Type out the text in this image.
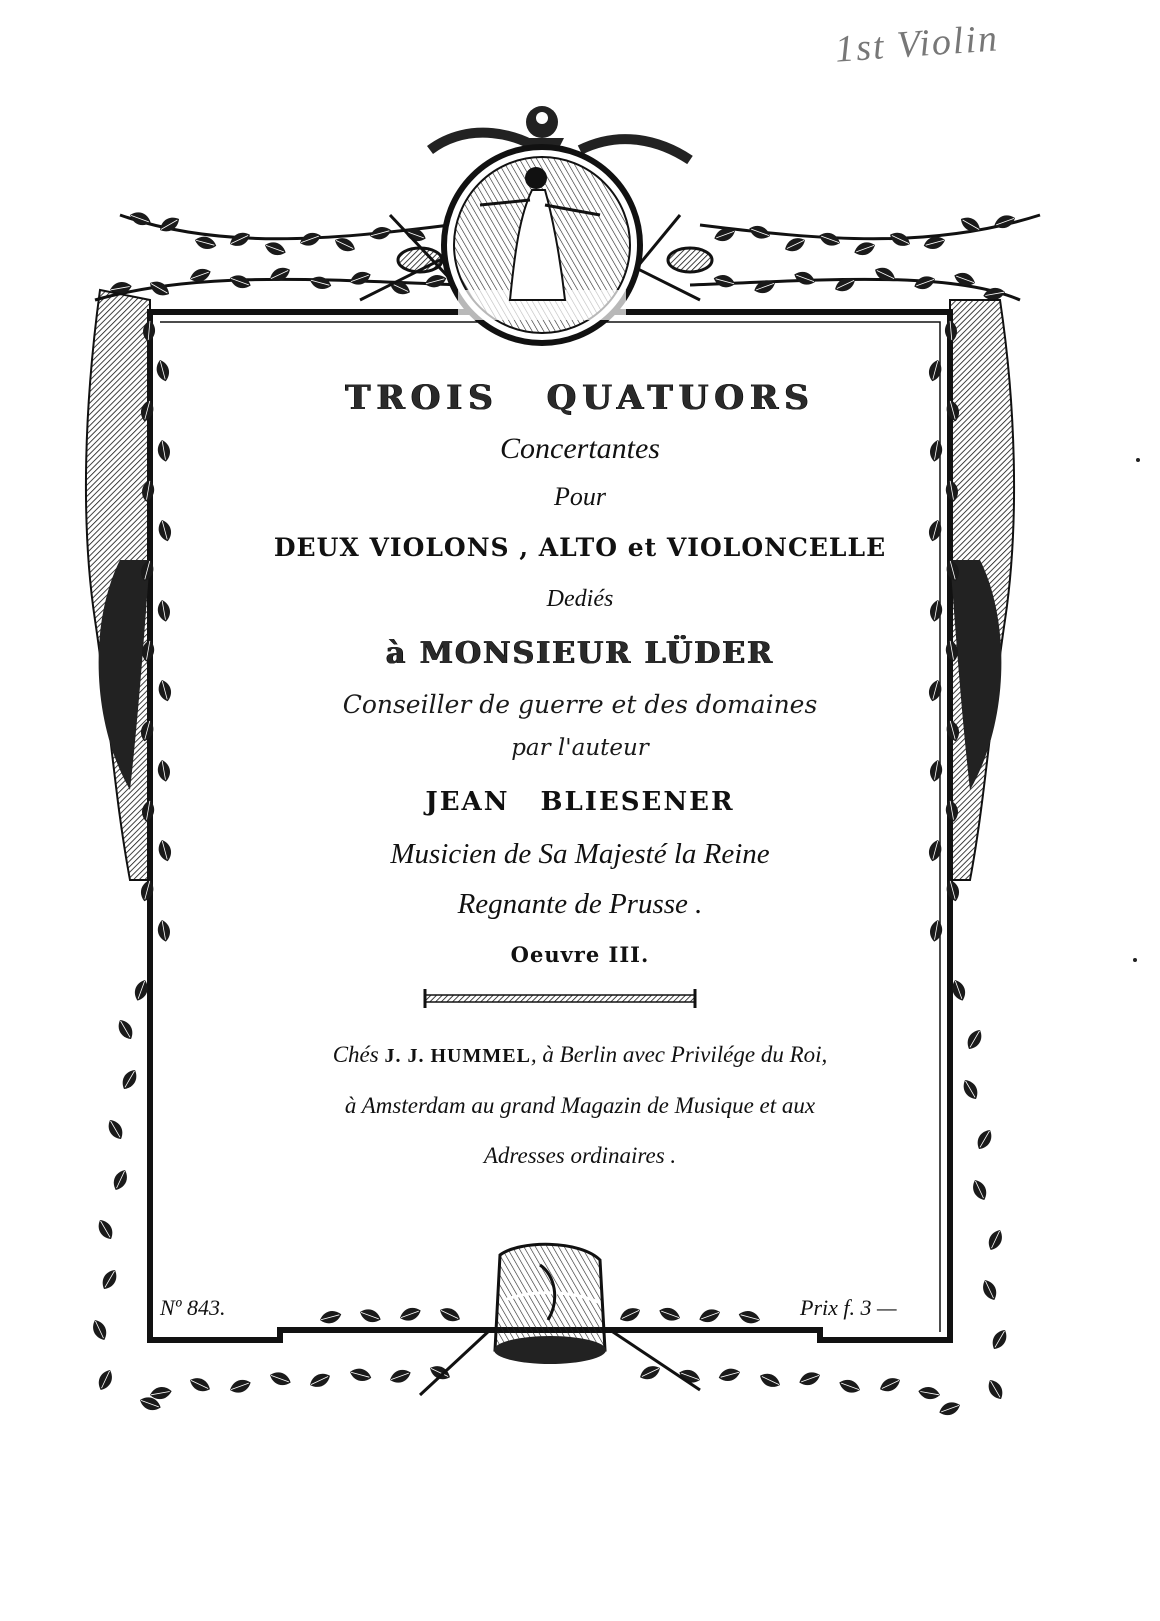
1st Violin
TROIS QUATUORS
Concertantes
Pour
DEUX VIOLONS , ALTO et VIOLONCELLE
Dediés
à MONSIEUR LÜDER
Conseiller de guerre et des domaines
par l'auteur
JEAN BLIESENER
Musicien de Sa Majesté la Reine
Regnante de Prusse .
Oeuvre III.
Chés J. J. HUMMEL, à Berlin avec Privilége du Roi,
à Amsterdam au grand Magazin de Musique et aux
Adresses ordinaires .
Nº 843.	Prix f. 3 —
